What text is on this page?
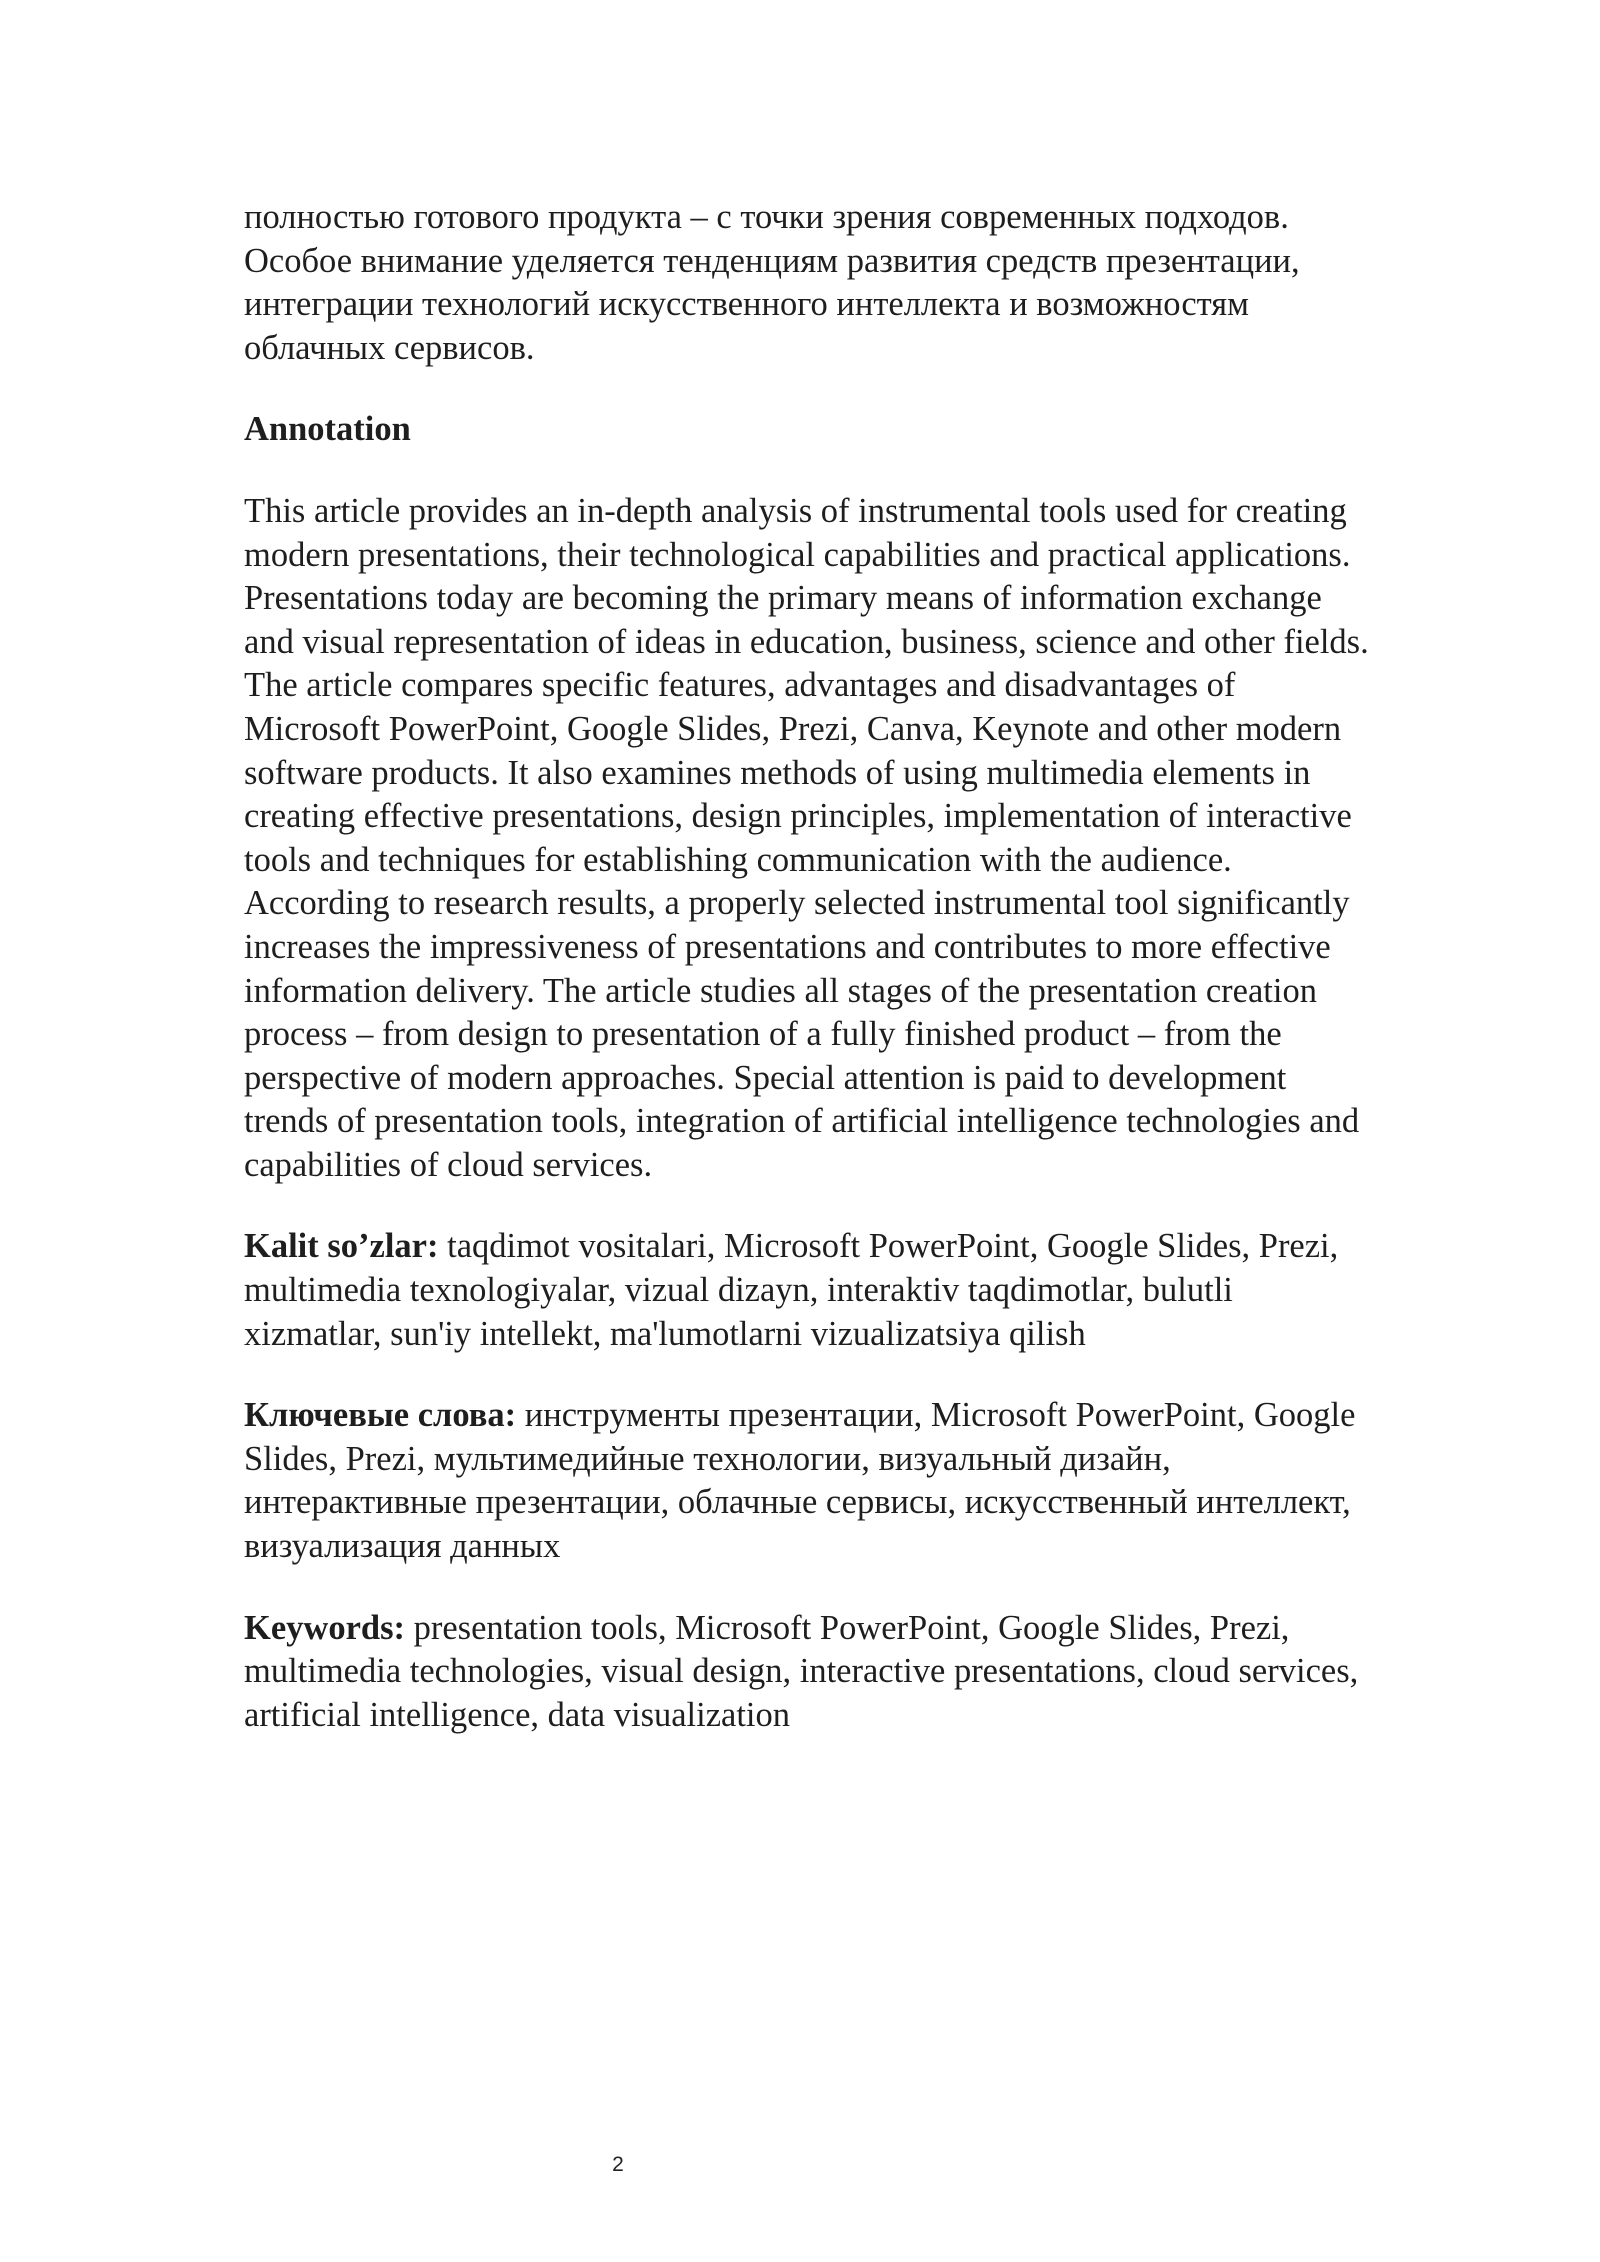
полностью готового продукта – с точки зрения современных подходов. Особое внимание уделяется тенденциям развития средств презентации, интеграции технологий искусственного интеллекта и возможностям облачных сервисов.

Annotation

This article provides an in-depth analysis of instrumental tools used for creating modern presentations, their technological capabilities and practical applications. Presentations today are becoming the primary means of information exchange and visual representation of ideas in education, business, science and other fields. The article compares specific features, advantages and disadvantages of Microsoft PowerPoint, Google Slides, Prezi, Canva, Keynote and other modern software products. It also examines methods of using multimedia elements in creating effective presentations, design principles, implementation of interactive tools and techniques for establishing communication with the audience. According to research results, a properly selected instrumental tool significantly increases the impressiveness of presentations and contributes to more effective information delivery. The article studies all stages of the presentation creation process – from design to presentation of a fully finished product – from the perspective of modern approaches. Special attention is paid to development trends of presentation tools, integration of artificial intelligence technologies and capabilities of cloud services.

Kalit so’zlar: taqdimot vositalari, Microsoft PowerPoint, Google Slides, Prezi, multimedia texnologiyalar, vizual dizayn, interaktiv taqdimotlar, bulutli xizmatlar, sun'iy intellekt, ma'lumotlarni vizualizatsiya qilish

Ключевые слова: инструменты презентации, Microsoft PowerPoint, Google Slides, Prezi, мультимедийные технологии, визуальный дизайн, интерактивные презентации, облачные сервисы, искусственный интеллект, визуализация данных

Keywords: presentation tools, Microsoft PowerPoint, Google Slides, Prezi, multimedia technologies, visual design, interactive presentations, cloud services, artificial intelligence, data visualization

2
